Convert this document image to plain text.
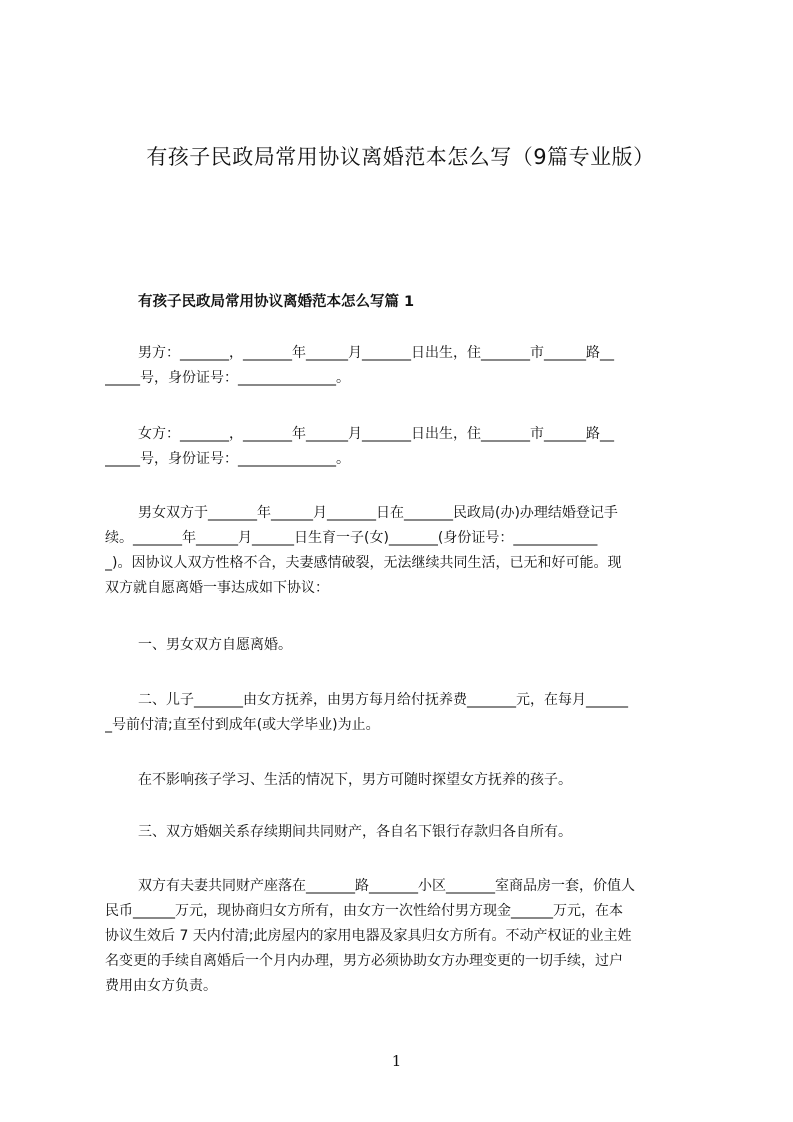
有孩子民政局常用协议离婚范本怎么写（9篇专业版）
有孩子民政局常用协议离婚范本怎么写篇 1
男方：_______，_______年______月_______日出生，住_______市______路__
_____号，身份证号：______________。
女方：_______，_______年______月_______日出生，住_______市______路__
_____号，身份证号：______________。
男女双方于_______年______月_______日在_______民政局(办)办理结婚登记手
续。_______年______月______日生育一子(女)_______(身份证号：____________
_)。因协议人双方性格不合，夫妻感情破裂，无法继续共同生活，已无和好可能。现
双方就自愿离婚一事达成如下协议：
一、男女双方自愿离婚。
二、儿子_______由女方抚养，由男方每月给付抚养费_______元，在每月______
_号前付清;直至付到成年(或大学毕业)为止。
在不影响孩子学习、生活的情况下，男方可随时探望女方抚养的孩子。
三、双方婚姻关系存续期间共同财产，各自名下银行存款归各自所有。
双方有夫妻共同财产座落在_______路_______小区_______室商品房一套，价值人
民币______万元，现协商归女方所有，由女方一次性给付男方现金______万元，在本
协议生效后 7 天内付清;此房屋内的家用电器及家具归女方所有。不动产权证的业主姓
名变更的手续自离婚后一个月内办理，男方必须协助女方办理变更的一切手续，过户
费用由女方负责。
1
